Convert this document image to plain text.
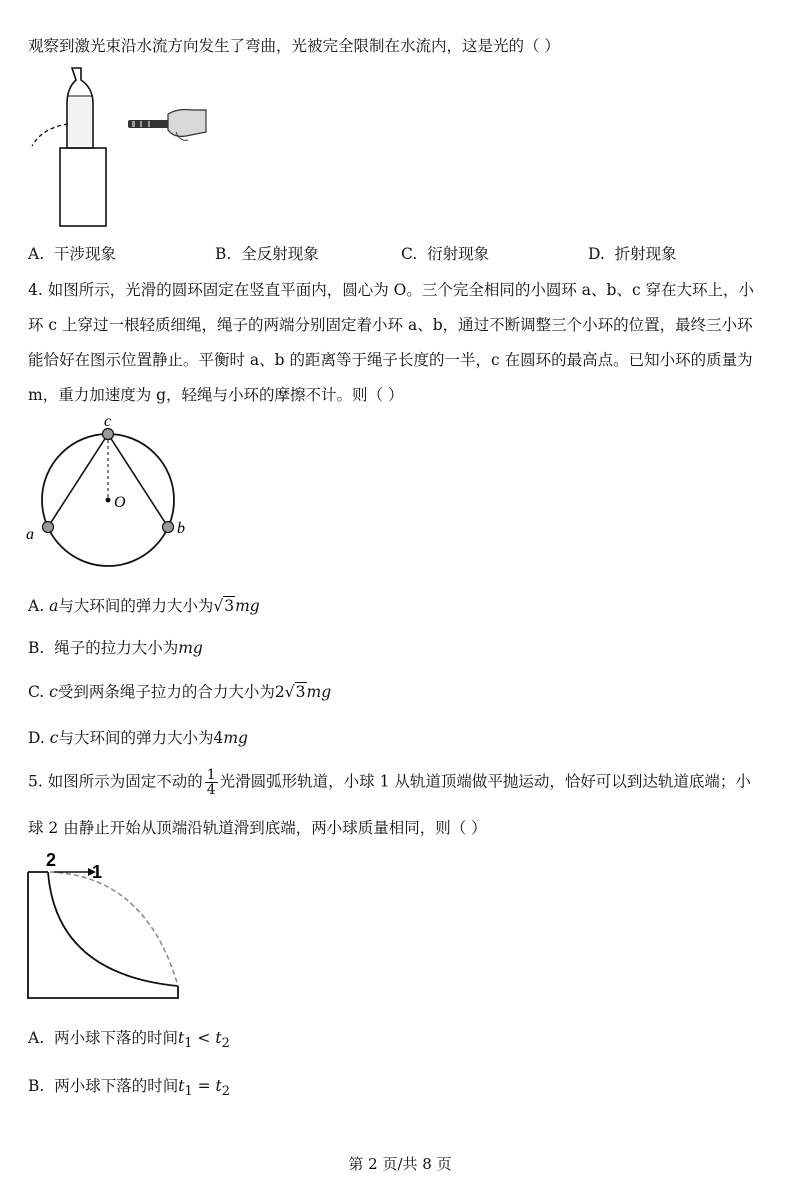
观察到激光束沿水流方向发生了弯曲，光被完全限制在水流内，这是光的（ ）
A. 干涉现象	B. 全反射现象	C. 衍射现象	D. 折射现象
4. 如图所示，光滑的圆环固定在竖直平面内，圆心为 O。三个完全相同的小圆环 a、b、c 穿在大环上，小
环 c 上穿过一根轻质细绳，绳子的两端分别固定着小环 a、b，通过不断调整三个小环的位置，最终三小环
能恰好在图示位置静止。平衡时 a、b 的距离等于绳子长度的一半，c 在圆环的最高点。已知小环的质量为
m，重力加速度为 g，轻绳与小环的摩擦不计。则（ ）
c
O
a	b
A. a与大环间的弹力大小为√3mg
B. 绳子的拉力大小为mg
C. c受到两条绳子拉力的合力大小为2√3mg
D. c与大环间的弹力大小为4mg
5. 如图所示为固定不动的 $\frac{1}{4}$ 光滑圆弧形轨道，小球 1 从轨道顶端做平抛运动，恰好可以到达轨道底端；小
球 2 由静止开始从顶端沿轨道滑到底端，两小球质量相同，则（ ）
2
1
A. 两小球下落的时间$t_1 < t_2$
B. 两小球下落的时间$t_1 = t_2$
第 2 页/共 8 页
